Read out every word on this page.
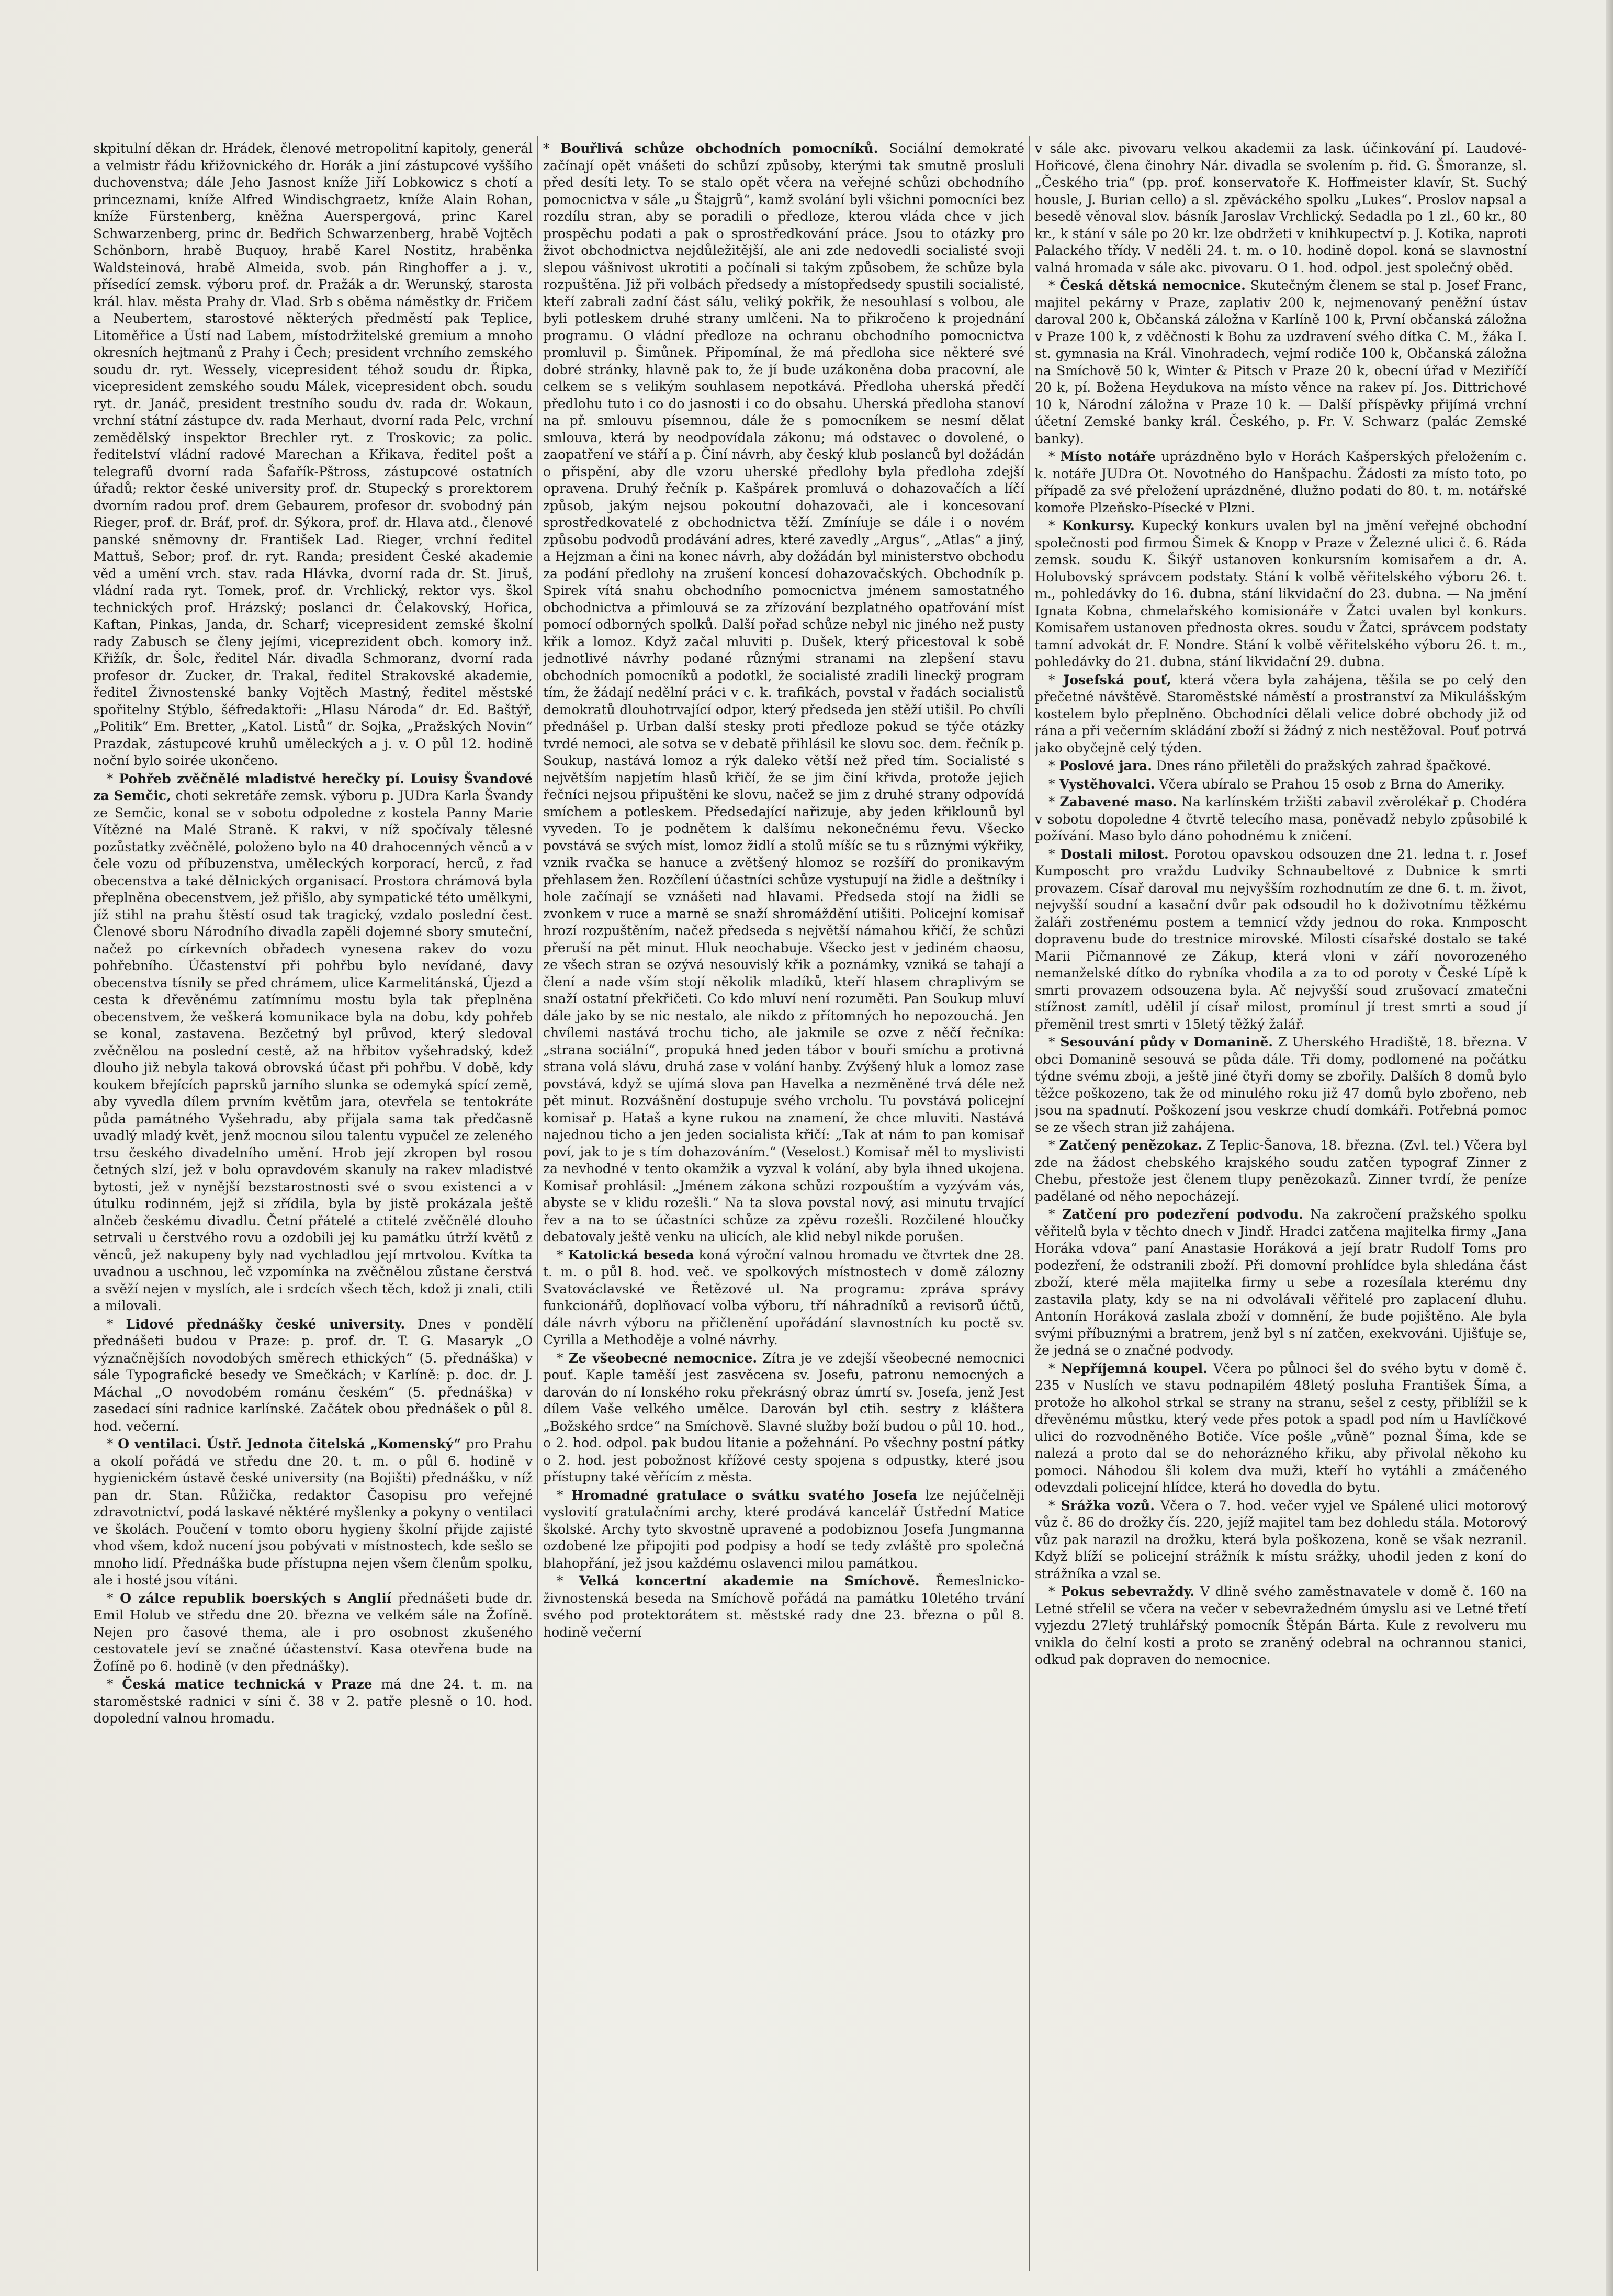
skpitulní děkan dr. Hrádek, členové metropolitní kapitoly, generál a velmistr řádu křižovnického dr. Horák a jiní zástupcové vyššího duchovenstva; dále Jeho Jasnost kníže Jiří Lobkowicz s chotí a princeznami, kníže Alfred Windischgraetz, kníže Alain Rohan, kníže Fürstenberg, kněžna Auerspergová, princ Karel Schwarzenberg, princ dr. Bedřich Schwarzenberg, hrabě Vojtěch Schönborn, hrabě Buquoy, hrabě Karel Nostitz, hraběnka Waldsteinová, hrabě Almeida, svob. pán Ringhoffer a j. v., přísedící zemsk. výboru prof. dr. Pražák a dr. Werunský, starosta král. hlav. města Prahy dr. Vlad. Srb s oběma náměstky dr. Fričem a Neubertem, starostové některých předměstí pak Teplice, Litoměřice a Ústí nad Labem, místodržitelské gremium a mnoho okresních hejtmanů z Prahy i Čech; president vrchního zemského soudu dr. ryt. Wessely, vicepresident téhož soudu dr. Řipka, vicepresident zemského soudu Málek, vicepresident obch. soudu ryt. dr. Janáč, president trestního soudu dv. rada dr. Wokaun, vrchní státní zástupce dv. rada Merhaut, dvorní rada Pelc, vrchní zemědělský inspektor Brechler ryt. z Troskovic; za polic. ředitelství vládní radové Marechan a Křikava, ředitel pošt a telegrafů dvorní rada Šafařík-Pštross, zástupcové ostatních úřadů; rektor české university prof. dr. Stupecký s prorektorem dvorním radou prof. drem Gebaurem, profesor dr. svobodný pán Rieger, prof. dr. Bráf, prof. dr. Sýkora, prof. dr. Hlava atd., členové panské sněmovny dr. František Lad. Rieger, vrchní ředitel Mattuš, Sebor; prof. dr. ryt. Randa; president České akademie věd a umění vrch. stav. rada Hlávka, dvorní rada dr. St. Jiruš, vládní rada ryt. Tomek, prof. dr. Vrchlický, rektor vys. škol technických prof. Hrázský; poslanci dr. Čelakovský, Hořica, Kaftan, Pinkas, Janda, dr. Scharf; vicepresident zemské školní rady Zabusch se členy jejími, viceprezident obch. komory inž. Křižík, dr. Šolc, ředitel Nár. divadla Schmoranz, dvorní rada profesor dr. Zucker, dr. Trakal, ředitel Strakovské akademie, ředitel Živnostenské banky Vojtěch Mastný, ředitel městské spořitelny Stýblo, šéfredaktoři: „Hlasu Národa“ dr. Ed. Baštýř, „Politik“ Em. Bretter, „Katol. Listů“ dr. Sojka, „Pražských Novin“ Prazdak, zástupcové kruhů uměleckých a j. v. O půl 12. hodině noční bylo soirée ukončeno.

* Pohřeb zvěčnělé mladistvé herečky pí. Louisy Švandové za Semčic, choti sekretáře zemsk. výboru p. JUDra Karla Švandy ze Semčic, konal se v sobotu odpoledne z kostela Panny Marie Vítězné na Malé Straně. K rakvi, v níž spočívaly tělesné pozůstatky zvěčnělé, položeno bylo na 40 drahocenných věnců a v čele vozu od příbuzenstva, uměleckých korporací, herců, z řad obecenstva a také dělnických organisací. Prostora chrámová byla přeplněna obecenstvem, jež přišlo, aby sympatické této umělkyni, jíž stihl na prahu štěstí osud tak tragický, vzdalo poslední čest. Členové sboru Národního divadla zapěli dojemné sbory smuteční, načež po církevních obřadech vynesena rakev do vozu pohřebního. Účastenství při pohřbu bylo nevídané, davy obecenstva tísnily se před chrámem, ulice Karmelitánská, Újezd a cesta k dřevěnému zatímnímu mostu byla tak přeplněna obecenstvem, že veškerá komunikace byla na dobu, kdy pohřeb se konal, zastavena. Bezčetný byl průvod, který sledoval zvěčnělou na poslední cestě, až na hřbitov vyšehradský, kdež dlouho již nebyla taková obrovská účast při pohřbu. V době, kdy koukem břejících paprsků jarního slunka se odemyká spící země, aby vyvedla dílem prvním květům jara, otevřela se tentokráte půda památného Vyšehradu, aby přijala sama tak předčasně uvadlý mladý květ, jenž mocnou silou talentu vypučel ze zeleného trsu českého divadelního umění. Hrob její zkropen byl rosou četných slzí, jež v bolu opravdovém skanuly na rakev mladistvé bytosti, jež v nynější bezstarostnosti své o svou existenci a v útulku rodinném, jejž si zřídila, byla by jistě prokázala ještě alnčeb českému divadlu. Četní přátelé a ctitelé zvěčnělé dlouho setrvali u čerstvého rovu a ozdobili jej ku památku útrží květů z věnců, jež nakupeny byly nad vychladlou její mrtvolou. Kvítka ta uvadnou a uschnou, leč vzpomínka na zvěčnělou zůstane čerstvá a svěží nejen v myslích, ale i srdcích všech těch, kdož ji znali, ctili a milovali.

* Lidové přednášky české university. Dnes v pondělí přednášeti budou v Praze: p. prof. dr. T. G. Masaryk „O význačnějších novodobých směrech ethických“ (5. přednáška) v sále Typografické besedy ve Smečkách; v Karlíně: p. doc. dr. J. Máchal „O novodobém románu českém“ (5. přednáška) v zasedací síni radnice karlínské. Začátek obou přednášek o půl 8. hod. večerní.

* O ventilaci. Ústř. Jednota čitelská „Komenský“ pro Prahu a okolí pořádá ve středu dne 20. t. m. o půl 6. hodině v hygienickém ústavě české university (na Bojišti) přednášku, v níž pan dr. Stan. Růžička, redaktor Časopisu pro veřejné zdravotnictví, podá laskavé něktéré myšlenky a pokyny o ventilaci ve školách. Poučení v tomto oboru hygieny školní přijde zajisté vhod všem, kdož nucení jsou pobývati v místnostech, kde sešlo se mnoho lidí. Přednáška bude přístupna nejen všem členům spolku, ale i hosté jsou vítáni.

* O zálce republik boerských s Anglií přednášeti bude dr. Emil Holub ve středu dne 20. března ve velkém sále na Žofíně. Nejen pro časové thema, ale i pro osobnost zkušeného cestovatele jeví se značné účastenství. Kasa otevřena bude na Žofíně po 6. hodině (v den přednášky).

* Česká matice technická v Praze má dne 24. t. m. na staroměstské radnici v síni č. 38 v 2. patře plesně o 10. hod. dopolední valnou hromadu.

* Bouřlivá schůze obchodních pomocníků. Sociální demokraté začínají opět vnášeti do schůzí způsoby, kterými tak smutně prosluli před desíti lety. To se stalo opět včera na veřejné schůzi obchodního pomocnictva v sále „u Štajgrů“, kamž svolání byli všichni pomocníci bez rozdílu stran, aby se poradili o předloze, kterou vláda chce v jich prospěchu podati a pak o sprostředkování práce. Jsou to otázky pro život obchodnictva nejdůležitější, ale ani zde nedovedli socialisté svoji slepou vášnivost ukrotiti a počínali si takým způsobem, že schůze byla rozpuštěna. Již při volbách předsedy a místopředsedy spustili socialisté, kteří zabrali zadní část sálu, veliký pokřik, že nesouhlasí s volbou, ale byli potleskem druhé strany umlčeni. Na to přikročeno k projednání programu. O vládní předloze na ochranu obchodního pomocnictva promluvil p. Šimůnek. Připomínal, že má předloha sice některé své dobré stránky, hlavně pak to, že jí bude uzákoněna doba pracovní, ale celkem se s velikým souhlasem nepotkává. Předloha uherská předčí předlohu tuto i co do jasnosti i co do obsahu. Uherská předloha stanoví na př. smlouvu písemnou, dále že s pomocníkem se nesmí dělat smlouva, která by neodpovídala zákonu; má odstavec o dovolené, o zaopatření ve stáří a p. Činí návrh, aby český klub poslanců byl dožádán o přispění, aby dle vzoru uherské předlohy byla předloha zdejší opravena. Druhý řečník p. Kašpárek promluvá o dohazovačích a líčí způsob, jakým nejsou pokoutní dohazovači, ale i koncesovaní sprostředkovatelé z obchodnictva těží. Zmíníuje se dále i o novém způsobu podvodů prodávání adres, které zavedly „Argus“, „Atlas“ a jiný, a Hejzman a čini na konec návrh, aby dožádán byl ministerstvo obchodu za podání předlohy na zrušení koncesí dohazovačských. Obchodník p. Spirek vítá snahu obchodního pomocnictva jménem samostatného obchodnictva a přimlouvá se za zřízování bezplatného opatřování míst pomocí odborných spolků. Další pořad schůze nebyl nic jiného než pusty křik a lomoz. Když začal mluviti p. Dušek, který přicestoval k sobě jednotlivé návrhy podané různými stranami na zlepšení stavu obchodních pomocníků a podotkl, že socialisté zradili lineckÿ program tím, že žádají nedělní práci v c. k. trafikách, povstal v řadách socialistů demokratů dlouhotrvající odpor, který předseda jen stěží utišil. Po chvíli přednášel p. Urban další stesky proti předloze pokud se týče otázky tvrdé nemoci, ale sotva se v debatě přihlásil ke slovu soc. dem. řečník p. Soukup, nastává lomoz a rýk daleko větší než před tím. Socialisté s největším napjetím hlasů křičí, že se jim činí křivda, protože jejich řečníci nejsou připuštěni ke slovu, načež se jim z druhé strany odpovídá smíchem a potleskem. Předsedající nařizuje, aby jeden křiklounů byl vyveden. To je podnětem k dalšímu nekonečnému řevu. Všecko povstává se svých míst, lomoz židlí a stolů míšíc se tu s různými výkřiky, vznik rvačka se hanuce a zvětšený hlomoz se rozšíří do pronikavým přehlasem žen. Rozčílení účastníci schůze vystupují na židle a deštníky i hole začínají se vznášeti nad hlavami. Předseda stojí na židli se zvonkem v ruce a marně se snaží shromáždění utišiti. Policejní komisař hrozí rozpuštěním, načež předseda s největší námahou křičí, že schůzi přeruší na pět minut. Hluk neochabuje. Všecko jest v jediném chaosu, ze všech stran se ozývá nesouvislý křik a poznámky, vzniká se tahají a člení a nade vším stojí několik mladíků, kteří hlasem chraplivým se snaží ostatní překřičeti. Co kdo mluví není rozuměti. Pan Soukup mluví dále jako by se nic nestalo, ale nikdo z přítomných ho nepozouchá. Jen chvílemi nastává trochu ticho, ale jakmile se ozve z něčí řečníka: „strana sociální“, propuká hned jeden tábor v bouři smíchu a protivná strana volá slávu, druhá zase v volání hanby. Zvýšený hluk a lomoz zase povstává, když se ujímá slova pan Havelka a nezměněné trvá déle než pět minut. Rozvášnění dostupuje svého vrcholu. Tu povstává policejní komisař p. Hataš a kyne rukou na znamení, že chce mluviti. Nastává najednou ticho a jen jeden socialista křičí: „Tak at nám to pan komisař poví, jak to je s tím dohazováním.“ (Veselost.) Komisař měl to myslivisti za nevhodné v tento okamžik a vyzval k volání, aby byla ihned ukojena. Komisař prohlásil: „Jménem zákona schůzi rozpouštím a vyzývám vás, abyste se v klidu rozešli.“ Na ta slova povstal nový, asi minutu trvající řev a na to se účastníci schůze za zpěvu rozešli. Rozčilené hloučky debatovaly ještě venku na ulicích, ale klid nebyl nikde porušen.

* Katolická beseda koná výroční valnou hromadu ve čtvrtek dne 28. t. m. o půl 8. hod. več. ve spolkových místnostech v domě zálozny Svatováclavské ve Řetězové ul. Na programu: zpráva správy funkcionářů, doplňovací volba výboru, tří náhradníků a revisorů účtů, dále návrh výboru na přičlenění upořádání slavnostních ku poctě sv. Cyrilla a Methoděje a volné návrhy.

* Ze všeobecné nemocnice. Zítra je ve zdejší všeobecné nemocnici pouť. Kaple taměší jest zasvěcena sv. Josefu, patronu nemocných a darován do ní lonského roku překrásný obraz úmrtí sv. Josefa, jenž Jest dílem Vaše velkého umělce. Darován byl ctih. sestry z kláštera „Božského srdce“ na Smíchově. Slavné služby boží budou o půl 10. hod., o 2. hod. odpol. pak budou litanie a požehnání. Po všechny postní pátky o 2. hod. jest pobožnost křížové cesty spojena s odpustky, které jsou přístupny také věřícím z města.

* Hromadné gratulace o svátku svatého Josefa lze nejúčelněji vyslovití gratulačními archy, které prodává kancelář Ústřední Matice školské. Archy tyto skvostně upravené a podobiznou Josefa Jungmanna ozdobené lze připojiti pod podpisy a hodí se tedy zvláště pro společná blahopřání, jež jsou každému oslavenci milou památkou.

* Velká koncertní akademie na Smíchově. Řemeslnicko-živnostenská beseda na Smíchově pořádá na památku 10letého trvání svého pod protektorátem st. městské rady dne 23. března o půl 8. hodině večerní

v sále akc. pivovaru velkou akademii za lask. účinkování pí. Laudové-Hořicové, člena činohry Nár. divadla se svolením p. řid. G. Šmoranze, sl. „Českého tria“ (pp. prof. konservatoře K. Hoffmeister klavír, St. Suchý housle, J. Burian cello) a sl. zpěváckého spolku „Lukes“. Proslov napsal a besedě věnoval slov. básník Jaroslav Vrchlický. Sedadla po 1 zl., 60 kr., 80 kr., k stání v sále po 20 kr. lze obdržeti v knihkupectví p. J. Kotika, naproti Palackého třídy. V neděli 24. t. m. o 10. hodině dopol. koná se slavnostní valná hromada v sále akc. pivovaru. O 1. hod. odpol. jest společný oběd.

* Česká dětská nemocnice. Skutečným členem se stal p. Josef Franc, majitel pekárny v Praze, zaplativ 200 k, nejmenovaný peněžní ústav daroval 200 k, Občanská záložna v Karlíně 100 k, První občanská záložna v Praze 100 k, z vděčnosti k Bohu za uzdravení svého dítka C. M., žáka I. st. gymnasia na Král. Vinohradech, vejmí rodiče 100 k, Občanská záložna na Smíchově 50 k, Winter & Pitsch v Praze 20 k, obecní úřad v Meziříčí 20 k, pí. Božena Heydukova na místo věnce na rakev pí. Jos. Dittrichové 10 k, Národní záložna v Praze 10 k. — Další příspěvky přijímá vrchní účetní Zemské banky král. Českého, p. Fr. V. Schwarz (palác Zemské banky).

* Místo notáře uprázdněno bylo v Horách Kašperských přeložením c. k. notáře JUDra Ot. Novotného do Hanšpachu. Žádosti za místo toto, po případě za své přeložení uprázdněné, dlužno podati do 80. t. m. notářské komoře Plzeňsko-Písecké v Plzni.

* Konkursy. Kupecký konkurs uvalen byl na jmění veřejné obchodní společnosti pod firmou Šimek & Knopp v Praze v Železné ulici č. 6. Ráda zemsk. soudu K. Šikýř ustanoven konkursním komisařem a dr. A. Holubovský správcem podstaty. Stání k volbě věřitelského výboru 26. t. m., pohledávky do 16. dubna, stání likvidační do 23. dubna. — Na jmění Ignata Kobna, chmelařského komisionáře v Žatci uvalen byl konkurs. Komisařem ustanoven přednosta okres. soudu v Žatci, správcem podstaty tamní advokát dr. F. Nondre. Stání k volbě věřitelského výboru 26. t. m., pohledávky do 21. dubna, stání likvidační 29. dubna.

* Josefská pouť, která včera byla zahájena, těšila se po celý den přečetné návštěvě. Staroměstské náměstí a prostranství za Mikulášským kostelem bylo přeplněno. Obchodníci dělali velice dobré obchody již od rána a při večerním skládání zboží si žádný z nich nestěžoval. Pouť potrvá jako obyčejně celý týden.

* Poslové jara. Dnes ráno přiletěli do pražských zahrad špačkové.

* Vystěhovalci. Včera ubíralo se Prahou 15 osob z Brna do Ameriky.

* Zabavené maso. Na karlínském tržišti zabavil zvěrolékař p. Chodéra v sobotu dopoledne 4 čtvrtě telecího masa, poněvadž nebylo způsobilé k požívání. Maso bylo dáno pohodnému k zničení.

* Dostali milost. Porotou opavskou odsouzen dne 21. ledna t. r. Josef Kumposcht pro vraždu Ludviky Schnaubeltové z Dubnice k smrti provazem. Císař daroval mu nejvyšším rozhodnutím ze dne 6. t. m. život, nejvyšší soudní a kasační dvůr pak odsoudil ho k doživotnímu těžkému žaláři zostřenému postem a temnicí vždy jednou do roka. Knmposcht dopravenu bude do trestnice mirovské. Milosti císařské dostalo se také Marii Pičmannové ze Zákup, která vloni v září novorozeného nemanželské dítko do rybníka vhodila a za to od poroty v České Lípě k smrti provazem odsouzena byla. Ač nejvyšší soud zrušovací zmatečni stížnost zamítl, udělil jí císař milost, promínul jí trest smrti a soud jí přeměnil trest smrti v 15letý těžký žalář.

* Sesouvání půdy v Domanině. Z Uherského Hradiště, 18. března. V obci Domanině sesouvá se půda dále. Tři domy, podlomené na počátku týdne svému zboji, a ještě jiné čtyři domy se zbořily. Dalších 8 domů bylo těžce poškozeno, tak že od minulého roku již 47 domů bylo zbořeno, neb jsou na spadnutí. Poškození jsou veskrze chudí domkáři. Potřebná pomoc se ze všech stran již zahájena.

* Zatčený penězokaz. Z Teplic-Šanova, 18. března. (Zvl. tel.) Včera byl zde na žádost chebského krajského soudu zatčen typograf Zinner z Chebu, přestože jest členem tlupy penězokazů. Zinner tvrdí, že peníze padělané od něho nepocházejí.

* Zatčení pro podezření podvodu. Na zakročení pražského spolku věřitelů byla v těchto dnech v Jindř. Hradci zatčena majitelka firmy „Jana Horáka vdova“ paní Anastasie Horáková a její bratr Rudolf Toms pro podezření, že odstranili zboží. Při domovní prohlídce byla shledána část zboží, které měla majitelka firmy u sebe a rozesílala kterému dny zastavila platy, kdy se na ni odvolávali věřitelé pro zaplacení dluhu. Antonín Horáková zaslala zboží v domnění, že bude pojištěno. Ale byla svými příbuznými a bratrem, jenž byl s ní zatčen, exekvováni. Ujišťuje se, že jedná se o značné podvody.

* Nepříjemná koupel. Včera po půlnoci šel do svého bytu v domě č. 235 v Nuslích ve stavu podnapilém 48letý posluha František Šíma, a protože ho alkohol strkal se strany na stranu, sešel z cesty, přiblížil se k dřevěnému můstku, který vede přes potok a spadl pod ním u Havlíčkové ulici do rozvodněného Botiče. Více pošle „vůně“ poznal Šíma, kde se nalezá a proto dal se do nehorázného křiku, aby přivolal někoho ku pomoci. Náhodou šli kolem dva muži, kteří ho vytáhli a zmáčeného odevzdali policejní hlídce, která ho dovedla do bytu.

* Srážka vozů. Včera o 7. hod. večer vyjel ve Spálené ulici motorový vůz č. 86 do drožky čís. 220, jejíž majitel tam bez dohledu stála. Motorový vůz pak narazil na drožku, která byla poškozena, koně se však nezranil. Když blíží se policejní strážník k místu srážky, uhodil jeden z koní do strážníka a vzal se.

* Pokus sebevraždy. V dlině svého zaměstnavatele v domě č. 160 na Letné střelil se včera na večer v sebevražedném úmyslu asi ve Letné třetí vyjezdu 27letý truhlářský pomocník Štěpán Bárta. Kule z revolveru mu vnikla do čelní kosti a proto se zraněný odebral na ochrannou stanici, odkud pak dopraven do nemocnice.
